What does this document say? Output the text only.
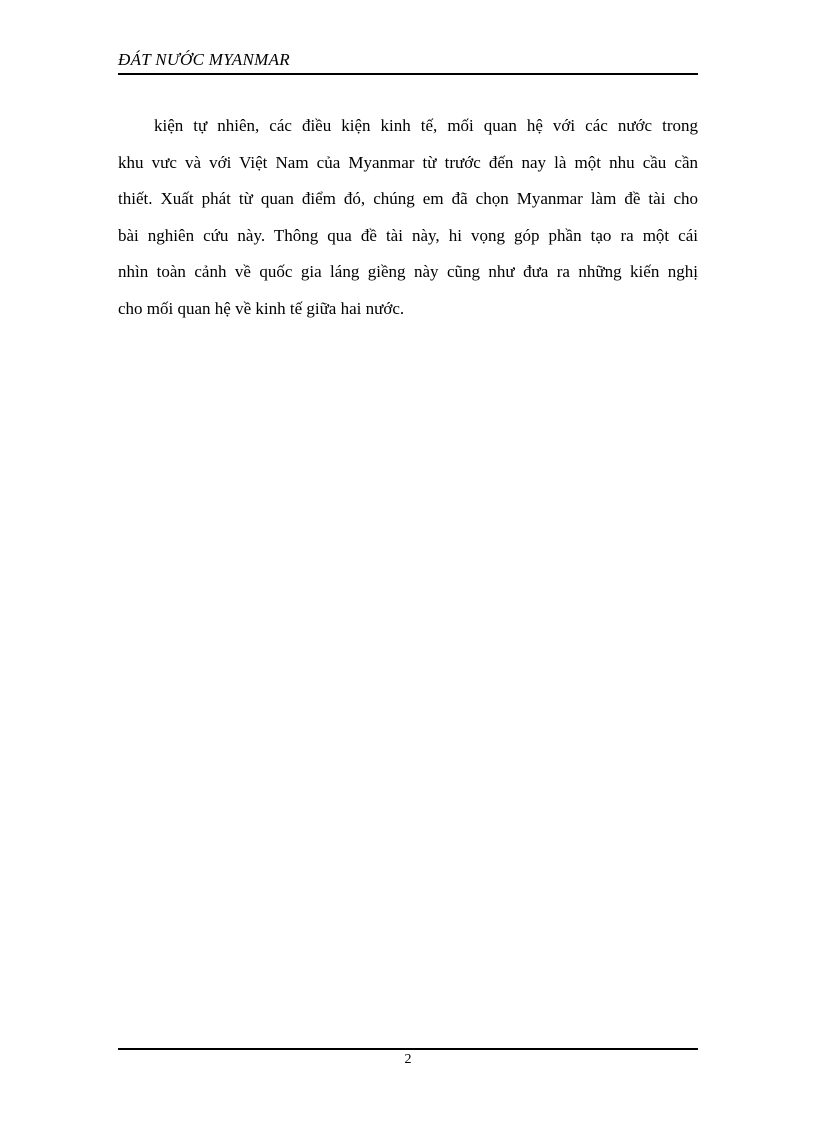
ĐÁT NƯỚC MYANMAR
kiện tự nhiên, các điều kiện kinh tế, mối quan hệ với các nước trong
khu vưc và với Việt Nam của Myanmar từ trước đến nay là một nhu cầu cần
thiết. Xuất phát từ quan điểm đó, chúng em đã chọn Myanmar làm đề tài cho
bài nghiên cứu này. Thông qua đề tài này, hi vọng góp phần tạo ra một cái
nhìn toàn cảnh về quốc gia láng giềng này cũng như đưa ra những kiến nghị
cho mối quan hệ về kinh tế giữa hai nước.
2
